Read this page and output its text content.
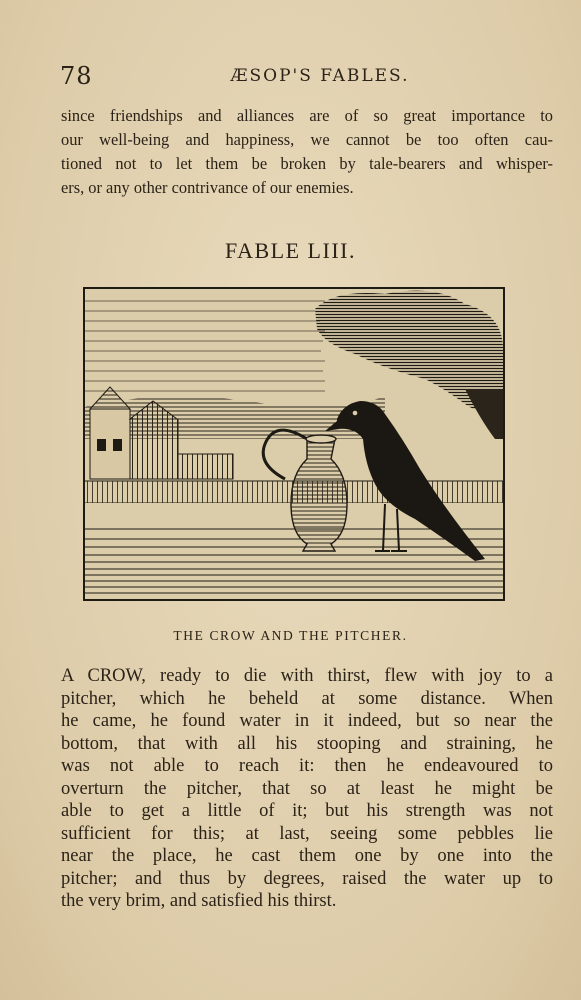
78	ÆSOP'S FABLES.
since friendships and alliances are of so great importance to
our well-being and happiness, we cannot be too often cau-
tioned not to let them be broken by tale-bearers and whisper-
ers, or any other contrivance of our enemies.
FABLE LIII.
THE CROW AND THE PITCHER.
A CROW, ready to die with thirst, flew with joy to a
pitcher, which he beheld at some distance. When
he came, he found water in it indeed, but so near the
bottom, that with all his stooping and straining, he
was not able to reach it: then he endeavoured to
overturn the pitcher, that so at least he might be
able to get a little of it; but his strength was not
sufficient for this; at last, seeing some pebbles lie
near the place, he cast them one by one into the
pitcher; and thus by degrees, raised the water up to
the very brim, and satisfied his thirst.
